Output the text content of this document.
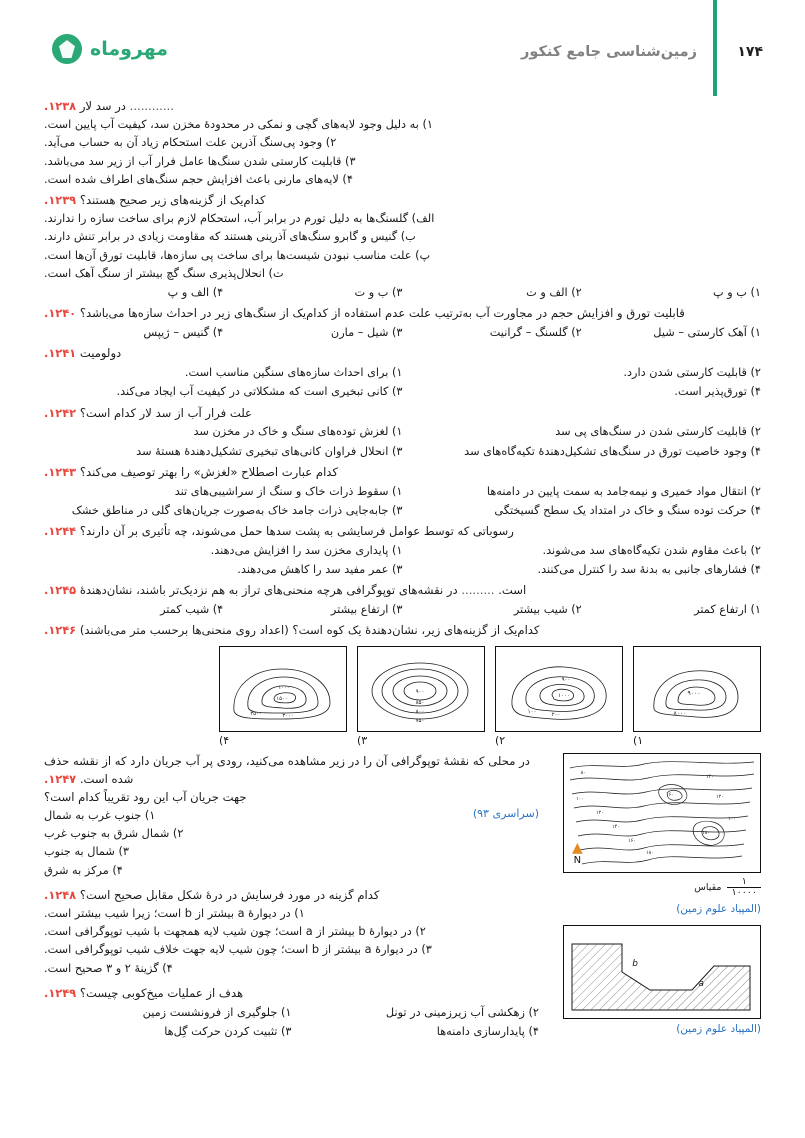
مهروماه	زمین‌شناسی جامع کنکور	۱۷۴
............ در سد لار ۱۲۳۸.
۱) به دلیل وجود لایه‌های گچی و نمکی در محدودهٔ مخزن سد، کیفیت آب پایین است.
۲) وجود پی‌سنگ آذرین علت استحکام زیاد آن به حساب می‌آید.
۳) قابلیت کارستی شدن سنگ‌ها عامل فرار آب از زیر سد می‌باشد.
۴) لایه‌های مارنی باعث افزایش حجم سنگ‌های اطراف شده است.
کدام‌یک از گزینه‌های زیر صحیح هستند؟ ۱۲۳۹.
الف) گلسنگ‌ها به دلیل تورم در برابر آب، استحکام لازم برای ساخت سازه را ندارند.
ب) گنیس و گابرو سنگ‌های آذرینی هستند که مقاومت زیادی در برابر تنش دارند.
پ) علت مناسب نبودن شیست‌ها برای ساخت پی سازه‌ها، قابلیت تورق آن‌ها است.
ت) انحلال‌پذیری سنگ گچ بیشتر از سنگ آهک است.
۱) ب و پ
۲) الف و ت
۳) ب و ت
۴) الف و پ
قابلیت تورق و افزایش حجم در مجاورت آب به‌ترتیب علت عدم استفاده از کدام‌یک از سنگ‌های زیر در احداث سازه‌ها می‌باشد؟ ۱۲۴۰.
۱) آهک کارستی – شیل
۲) گلسنگ – گرانیت
۳) شیل – مارن
۴) گنیس – ژیپس
دولومیت ۱۲۴۱.
۲) قابلیت کارستی شدن دارد.
۱) برای احداث سازه‌های سنگین مناسب است.
۴) تورق‌پذیر است.
۳) کانی تبخیری است که مشکلاتی در کیفیت آب ایجاد می‌کند.
علت فرار آب از سد لار کدام است؟ ۱۲۴۲.
۲) قابلیت کارستی شدن در سنگ‌های پی سد
۱) لغزش توده‌های سنگ و خاک در مخزن سد
۴) وجود خاصیت تورق در سنگ‌های تشکیل‌دهندهٔ تکیه‌گاه‌های سد
۳) انحلال فراوان کانی‌های تبخیری تشکیل‌دهندهٔ هستهٔ سد
کدام عبارت اصطلاح «لغزش» را بهتر توصیف می‌کند؟ ۱۲۴۳.
۲) انتقال مواد خمیری و نیمه‌جامد به سمت پایین در دامنه‌ها
۱) سقوط ذرات خاک و سنگ از سراشیبی‌های تند
۴) حرکت توده سنگ و خاک در امتداد یک سطح گسیختگی
۳) جابه‌جایی ذرات جامد خاک به‌صورت جریان‌های گلی در مناطق خشک
رسوباتی که توسط عوامل فرسایشی به پشت سدها حمل می‌شوند، چه تأثیری بر آن دارند؟ ۱۲۴۴.
۲) باعث مقاوم شدن تکیه‌گاه‌های سد می‌شوند.
۱) پایداری مخزن سد را افزایش می‌دهند.
۴) فشارهای جانبی به بدنۀ سد را کنترل می‌کنند.
۳) عمر مفید سد را کاهش می‌دهند.
است. ......... در نقشه‌های توپوگرافی هرچه منحنی‌های تراز به هم نزدیک‌تر باشند، نشان‌دهندۀ ۱۲۴۵.
۱) ارتفاع کمتر
۲) شیب بیشتر
۳) ارتفاع بیشتر
۴) شیب کمتر
کدام‌یک از گزینه‌های زیر، نشان‌دهندۀ یک کوه است؟ (اعداد روی منحنی‌ها برحسب متر می‌باشند) ۱۲۴۶.
۹۰۰۰
۸۰۰۰
۱)
۹۰۰
۱۰۰۰
۱۰۰	۲۰۰
۲)
۹۰۰
۸۵۰
۸۰۰
۷۵۰
۳)
۱۰۰۰
۱۵۰۰
۳۵۰۰	۳۰۰۰
۴)
۸۰
۱۰۰
۱۲۰
۱۴۰
۱۶۰
۱۸۰
۱۴۰
۱۲۰
۱۰۰
۱۶۰
۱۸۰
▲
N
$\frac{۱}{۱۰۰۰۰}$
مقیاس
(المپیاد علوم زمین)
b
a
(المپیاد علوم زمین)
در محلی که نقشۀ توپوگرافی آن را در زیر مشاهده می‌کنید، رودی پر آب جریان دارد که از نقشه حذف شده است. ۱۲۴۷.
جهت جریان آب این رود تقریباً کدام است؟
(سراسری ۹۳)
۱) جنوب غرب به شمال
۲) شمال شرق به جنوب غرب
۳) شمال به جنوب
۴) مرکز به شرق
کدام گزینه در مورد فرسایش در درۀ شکل مقابل صحیح است؟ ۱۲۴۸.
۱) در دیوارۀ a بیشتر از b است؛ زیرا شیب بیشتر است.
۲) در دیوارۀ b بیشتر از a است؛ چون شیب لایه همجهت با شیب توپوگرافی است.
۳) در دیوارۀ a بیشتر از b است؛ چون شیب لایه جهت خلاف شیب توپوگرافی است.
۴) گزینۀ ۲ و ۳ صحیح است.
هدف از عملیات میخ‌کوبی چیست؟ ۱۲۴۹.
۲) زهکشی آب زیرزمینی در تونل
۱) جلوگیری از فرونشست زمین
۴) پایدارسازی دامنه‌ها
۳) تثبیت کردن حرکت گِل‌ها
